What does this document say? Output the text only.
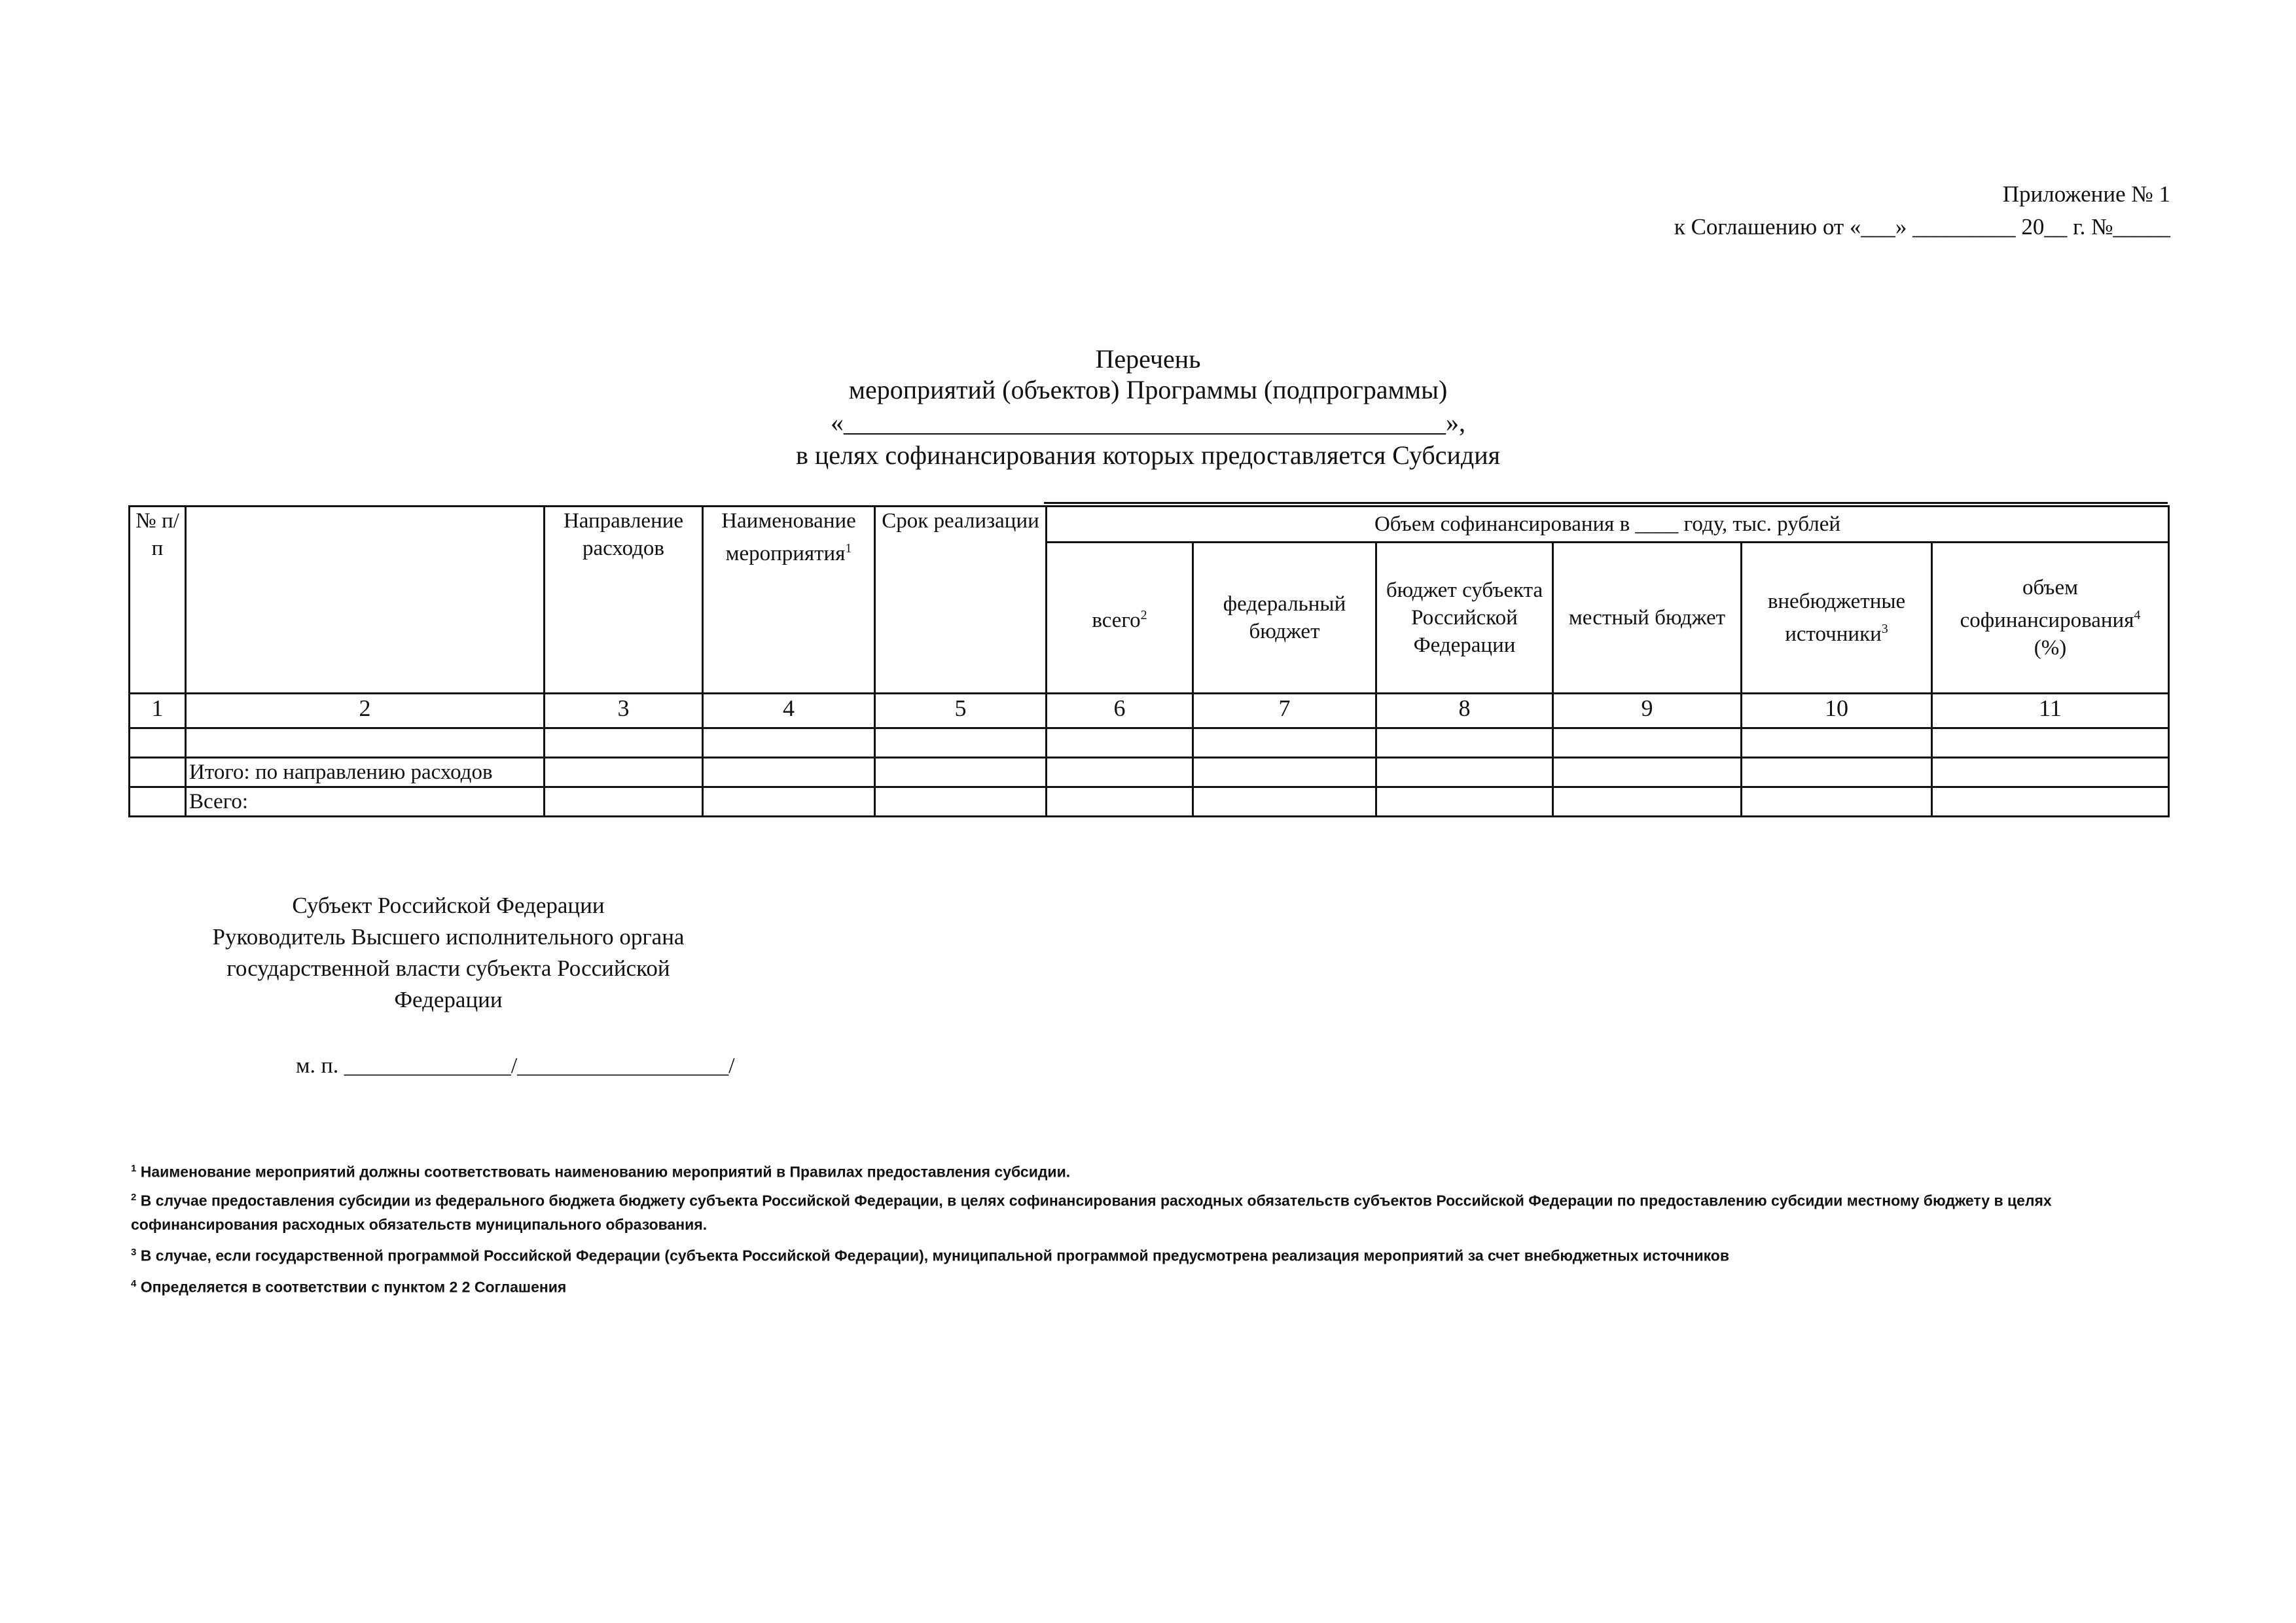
Приложение № 1
к Соглашению от «___» _________ 20__ г. №_____
Перечень
мероприятий (объектов) Программы (подпрограммы)
«______________________________________________»,
в целях софинансирования которых предоставляется Субсидия
№ п/п		Направление расходов	Наименование мероприятия$^1$	Срок реализации	Объем софинансирования в ____ году, тыс. рублей					
					всего$^2$	федеральный бюджет	бюджет субъекта Российской Федерации	местный бюджет	внебюджетные источники$^3$	объем софинансирования$^4$
(%)
1	2	3	4	5	6	7	8	9	10	11

	Итого: по направлению расходов									
	Всего:									
Субъект Российской Федерации
Руководитель Высшего исполнительного органа
государственной власти субъекта Российской
Федерации
м. п. _______________/___________________/
$^1$ Наименование мероприятий должны соответствовать наименованию мероприятий в Правилах предоставления субсидии.
$^2$ В случае предоставления субсидии из федерального бюджета бюджету субъекта Российской Федерации, в целях софинансирования расходных обязательств субъектов Российской Федерации по предоставлению субсидии местному бюджету в целях софинансирования расходных обязательств муниципального образования.
$^3$ В случае, если государственной программой Российской Федерации (субъекта Российской Федерации), муниципальной программой предусмотрена реализация мероприятий за счет внебюджетных источников
$^4$ Определяется в соответствии с пунктом 2 2 Соглашения
